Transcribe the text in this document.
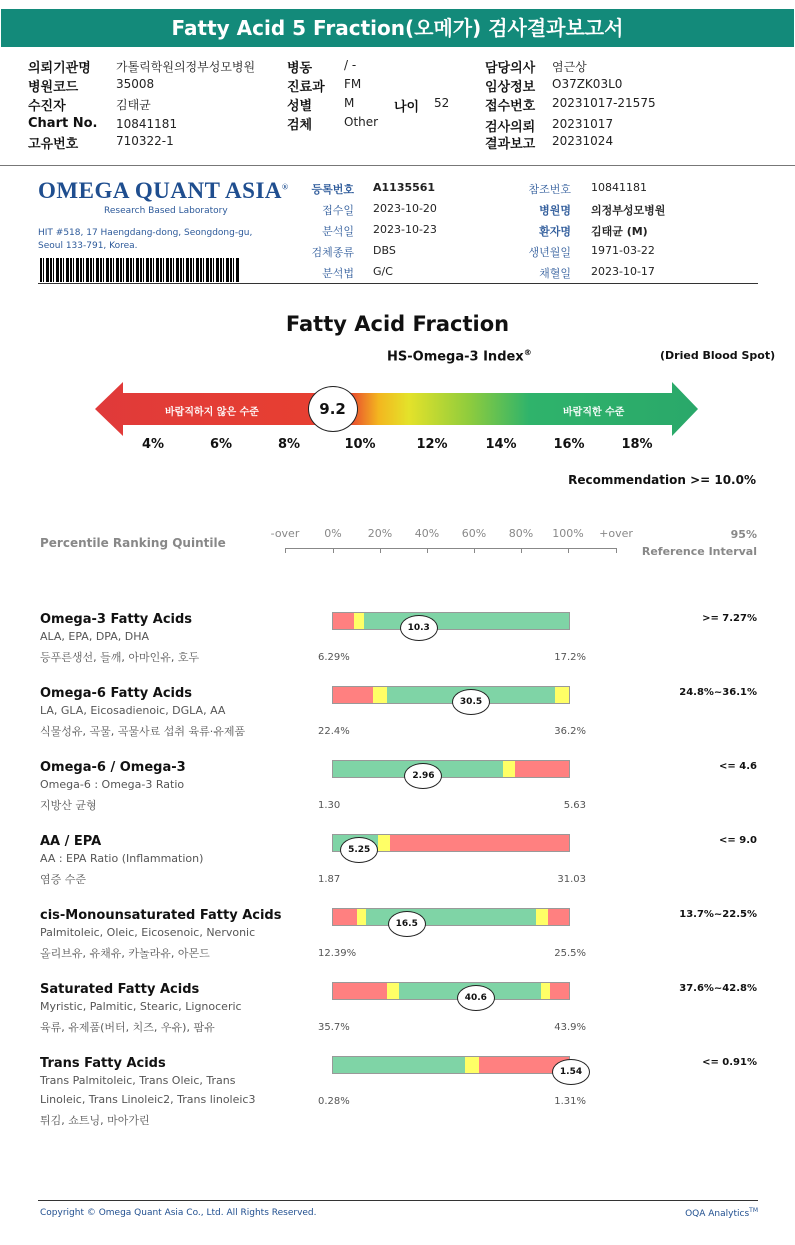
Fatty Acid 5 Fraction(오메가) 검사결과보고서
의뢰기관명 가톨릭학원의정부성모병원
병원코드	35008
수진자	김태균
Chart No. 10841181
고유번호	710322-1
병동	/ -
진료과 FM
성별	M
검체	Other
담당의사 염근상
임상정보 O37ZK03L0
접수번호 20231017-21575
검사의뢰 20231017
결과보고 20231024
나이 52
OMEGA QUANT ASIA®
Research Based Laboratory
HIT #518, 17 Haengdang-dong, Seongdong-gu,
Seoul 133-791, Korea.
등록번호 A1135561
접수일 2023-10-20
분석일 2023-10-23
검체종류 DBS
분석법 G/C
참조번호 10841181
병원명 의정부성모병원
환자명 김태균 (M)
생년월일 1971-03-22
채혈일 2023-10-17
Fatty Acid Fraction
HS-Omega-3 Index®	(Dried Blood Spot)
바람직하지 않은 수준	바람직한 수준
9.2
4%	6%	8%	10%	12%	14%	16%	18%
Recommendation >= 10.0%
Percentile Ranking Quintile
-over	0%	20%	40%	60%	80%	100%	+over	95%
Reference Interval
Omega-3 Fatty Acids
ALA, EPA, DPA, DHA
등푸른생선, 들깨, 아마인유, 호두	6.29%	17.2%
10.3
>= 7.27%
Omega-6 Fatty Acids
LA, GLA, Eicosadienoic, DGLA, AA
식물성유, 곡물, 곡물사료 섭취 육류·유제품	22.4%	36.2%
30.5
24.8%~36.1%
Omega-6 / Omega-3
Omega-6 : Omega-3 Ratio
지방산 균형	1.30	5.63
2.96
<= 4.6
AA / EPA
AA : EPA Ratio (Inflammation)
염증 수준	1.87	31.03
5.25
<= 9.0
cis-Monounsaturated Fatty Acids
Palmitoleic, Oleic, Eicosenoic, Nervonic
올리브유, 유채유, 카놀라유, 아몬드	12.39%	25.5%
16.5
13.7%~22.5%
Saturated Fatty Acids
Myristic, Palmitic, Stearic, Lignoceric
육류, 유제품(버터, 치즈, 우유), 팜유	35.7%	43.9%
40.6
37.6%~42.8%
Trans Fatty Acids
Trans Palmitoleic, Trans Oleic, Trans
Linoleic, Trans Linoleic2, Trans linoleic3
튀김, 쇼트닝, 마아가린
0.28%	1.31%
1.54
<= 0.91%
Copyright © Omega Quant Asia Co., Ltd. All Rights Reserved.	OQA Analytics™
